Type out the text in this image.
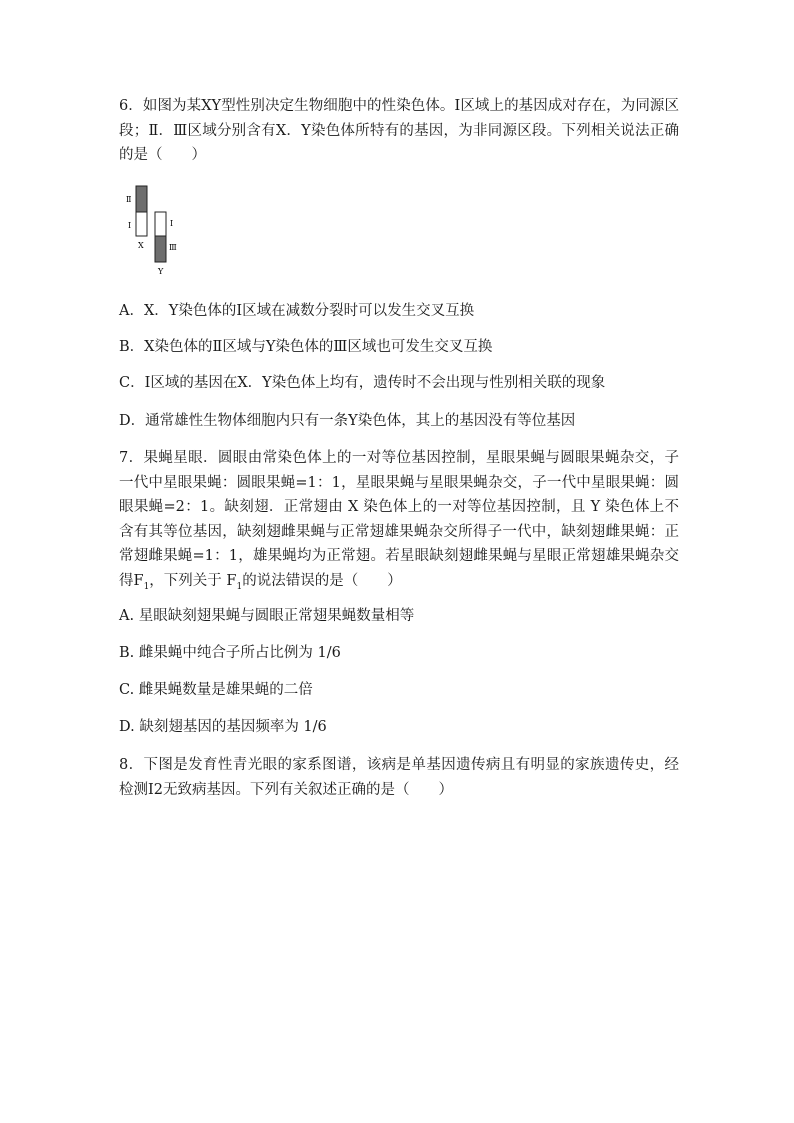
6．如图为某XY型性别决定生物细胞中的性染色体。Ⅰ区域上的基因成对存在，为同源区段；Ⅱ．Ⅲ区域分别含有X．Y染色体所特有的基因，为非同源区段。下列相关说法正确的是（　　）
Ⅱ
Ⅰ
X
Ⅰ
Ⅲ
Y
A．X．Y染色体的Ⅰ区域在减数分裂时可以发生交叉互换
B．X染色体的Ⅱ区域与Y染色体的Ⅲ区域也可发生交叉互换
C．Ⅰ区域的基因在X．Y染色体上均有，遗传时不会出现与性别相关联的现象
D．通常雄性生物体细胞内只有一条Y染色体，其上的基因没有等位基因
7．果蝇星眼．圆眼由常染色体上的一对等位基因控制，星眼果蝇与圆眼果蝇杂交，子一代中星眼果蝇：圆眼果蝇=1：1，星眼果蝇与星眼果蝇杂交，子一代中星眼果蝇：圆眼果蝇=2：1。缺刻翅．正常翅由 X 染色体上的一对等位基因控制，且 Y 染色体上不含有其等位基因，缺刻翅雌果蝇与正常翅雄果蝇杂交所得子一代中，缺刻翅雌果蝇：正常翅雌果蝇=1：1，雄果蝇均为正常翅。若星眼缺刻翅雌果蝇与星眼正常翅雄果蝇杂交得$F_1$，下列关于 $F_1$的说法错误的是（　　）
A. 星眼缺刻翅果蝇与圆眼正常翅果蝇数量相等
B. 雌果蝇中纯合子所占比例为 1/6
C. 雌果蝇数量是雄果蝇的二倍
D. 缺刻翅基因的基因频率为 1/6
8．下图是发育性青光眼的家系图谱，该病是单基因遗传病且有明显的家族遗传史，经检测I2无致病基因。下列有关叙述正确的是（　　）
